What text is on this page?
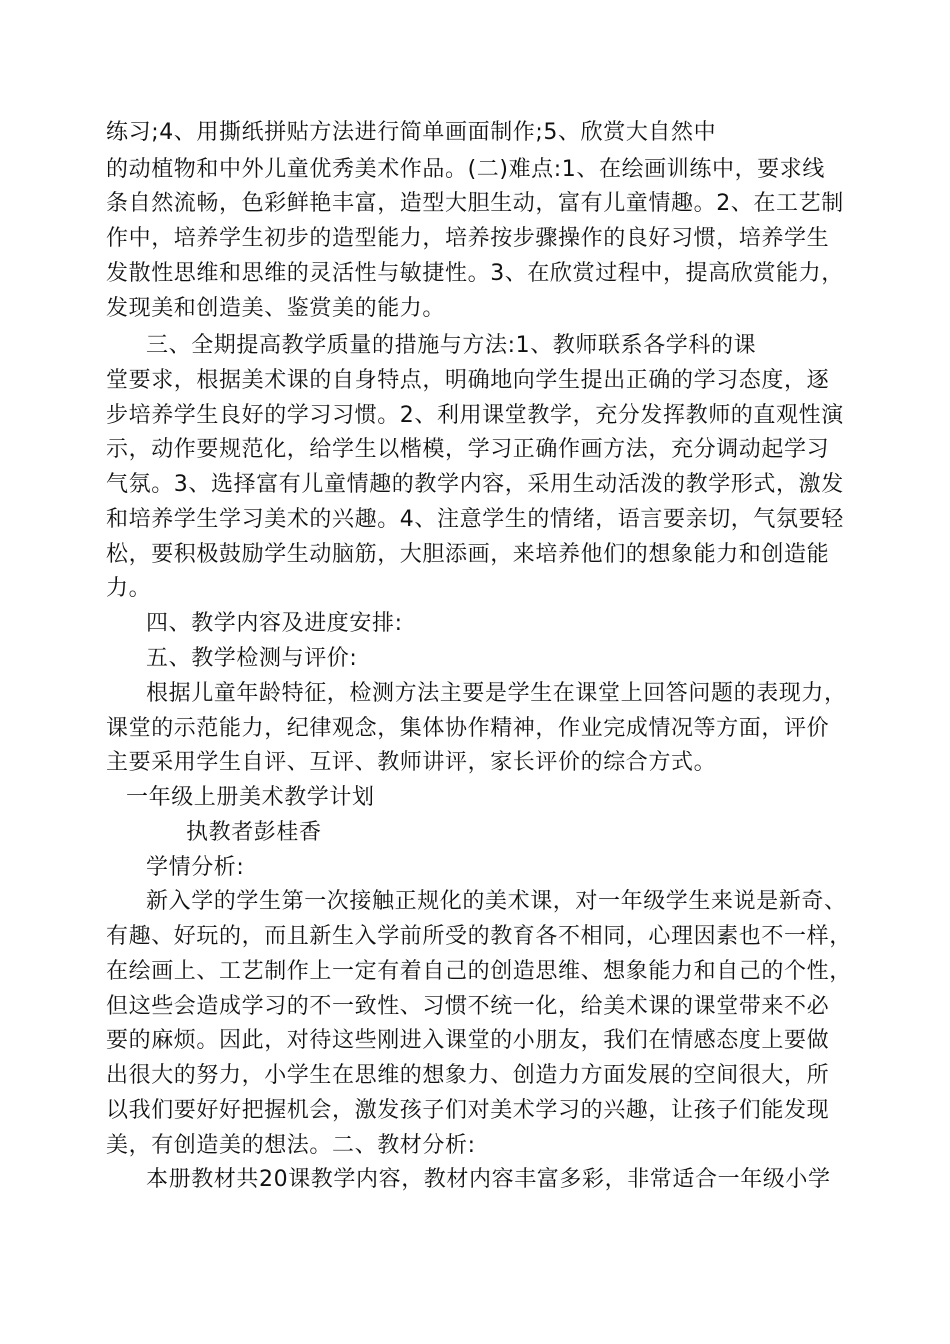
练习;4、用撕纸拼贴方法进行简单画面制作;5、欣赏大自然中
的动植物和中外儿童优秀美术作品。(二)难点:1、在绘画训练中，要求线
条自然流畅，色彩鲜艳丰富，造型大胆生动，富有儿童情趣。2、在工艺制
作中，培养学生初步的造型能力，培养按步骤操作的良好习惯，培养学生
发散性思维和思维的灵活性与敏捷性。3、在欣赏过程中，提高欣赏能力，
发现美和创造美、鉴赏美的能力。
三、全期提高教学质量的措施与方法:1、教师联系各学科的课
堂要求，根据美术课的自身特点，明确地向学生提出正确的学习态度，逐
步培养学生良好的学习习惯。2、利用课堂教学，充分发挥教师的直观性演
示，动作要规范化，给学生以楷模，学习正确作画方法，充分调动起学习
气氛。3、选择富有儿童情趣的教学内容，采用生动活泼的教学形式，激发
和培养学生学习美术的兴趣。4、注意学生的情绪，语言要亲切，气氛要轻
松，要积极鼓励学生动脑筋，大胆添画，来培养他们的想象能力和创造能
力。
四、教学内容及进度安排:
五、教学检测与评价:
根据儿童年龄特征，检测方法主要是学生在课堂上回答问题的表现力，
课堂的示范能力，纪律观念，集体协作精神，作业完成情况等方面，评价
主要采用学生自评、互评、教师讲评，家长评价的综合方式。
一年级上册美术教学计划
执教者彭桂香
学情分析:
新入学的学生第一次接触正规化的美术课，对一年级学生来说是新奇、
有趣、好玩的，而且新生入学前所受的教育各不相同，心理因素也不一样，
在绘画上、工艺制作上一定有着自己的创造思维、想象能力和自己的个性，
但这些会造成学习的不一致性、习惯不统一化，给美术课的课堂带来不必
要的麻烦。因此，对待这些刚进入课堂的小朋友，我们在情感态度上要做
出很大的努力，小学生在思维的想象力、创造力方面发展的空间很大，所
以我们要好好把握机会，激发孩子们对美术学习的兴趣，让孩子们能发现
美，有创造美的想法。二、教材分析:
本册教材共20课教学内容，教材内容丰富多彩，非常适合一年级小学
